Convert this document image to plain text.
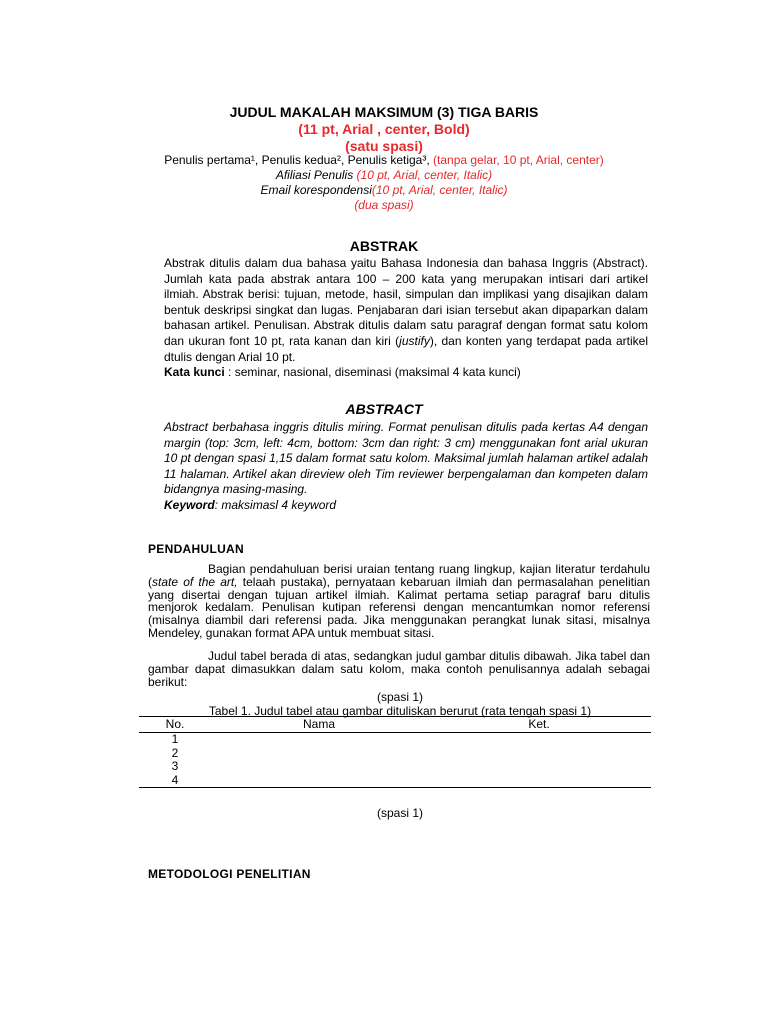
JUDUL MAKALAH MAKSIMUM (3) TIGA BARIS
(11 pt, Arial , center, Bold)
(satu spasi)
Penulis pertama¹, Penulis kedua², Penulis ketiga³, (tanpa gelar, 10 pt, Arial, center)
Afiliasi Penulis (10 pt, Arial, center, Italic)
Email korespondensi(10 pt, Arial, center, Italic)
(dua spasi)
ABSTRAK
Abstrak ditulis dalam dua bahasa yaitu Bahasa Indonesia dan bahasa Inggris (Abstract). Jumlah kata pada abstrak antara 100 – 200 kata yang merupakan intisari dari artikel ilmiah. Abstrak berisi: tujuan, metode, hasil, simpulan dan implikasi yang disajikan dalam bentuk deskripsi singkat dan lugas. Penjabaran dari isian tersebut akan dipaparkan dalam bahasan artikel. Penulisan. Abstrak ditulis dalam satu paragraf dengan format satu kolom dan ukuran font 10 pt, rata kanan dan kiri (justify), dan konten yang terdapat pada artikel dtulis dengan Arial 10 pt.
Kata kunci : seminar, nasional, diseminasi (maksimal 4 kata kunci)
ABSTRACT
Abstract berbahasa inggris ditulis miring. Format penulisan ditulis pada kertas A4 dengan margin (top: 3cm, left: 4cm, bottom: 3cm dan right: 3 cm) menggunakan font arial ukuran 10 pt dengan spasi 1,15 dalam format satu kolom. Maksimal jumlah halaman artikel adalah 11 halaman. Artikel akan direview oleh Tim reviewer berpengalaman dan kompeten dalam bidangnya masing-masing.
Keyword: maksimasl 4 keyword
PENDAHULUAN
Bagian pendahuluan berisi uraian tentang ruang lingkup, kajian literatur terdahulu (state of the art, telaah pustaka), pernyataan kebaruan ilmiah dan permasalahan penelitian yang disertai dengan tujuan artikel ilmiah. Kalimat pertama setiap paragraf baru ditulis menjorok kedalam. Penulisan kutipan referensi dengan mencantumkan nomor referensi (misalnya diambil dari referensi pada. Jika menggunakan perangkat lunak sitasi, misalnya Mendeley, gunakan format APA untuk membuat sitasi.
Judul tabel berada di atas, sedangkan judul gambar ditulis dibawah. Jika tabel dan gambar dapat dimasukkan dalam satu kolom, maka contoh penulisannya adalah sebagai berikut:
(spasi 1)
Tabel 1. Judul tabel atau gambar dituliskan berurut (rata tengah spasi 1)
No.	Nama	Ket.
1		
2		
3		
4		
(spasi 1)
METODOLOGI PENELITIAN
